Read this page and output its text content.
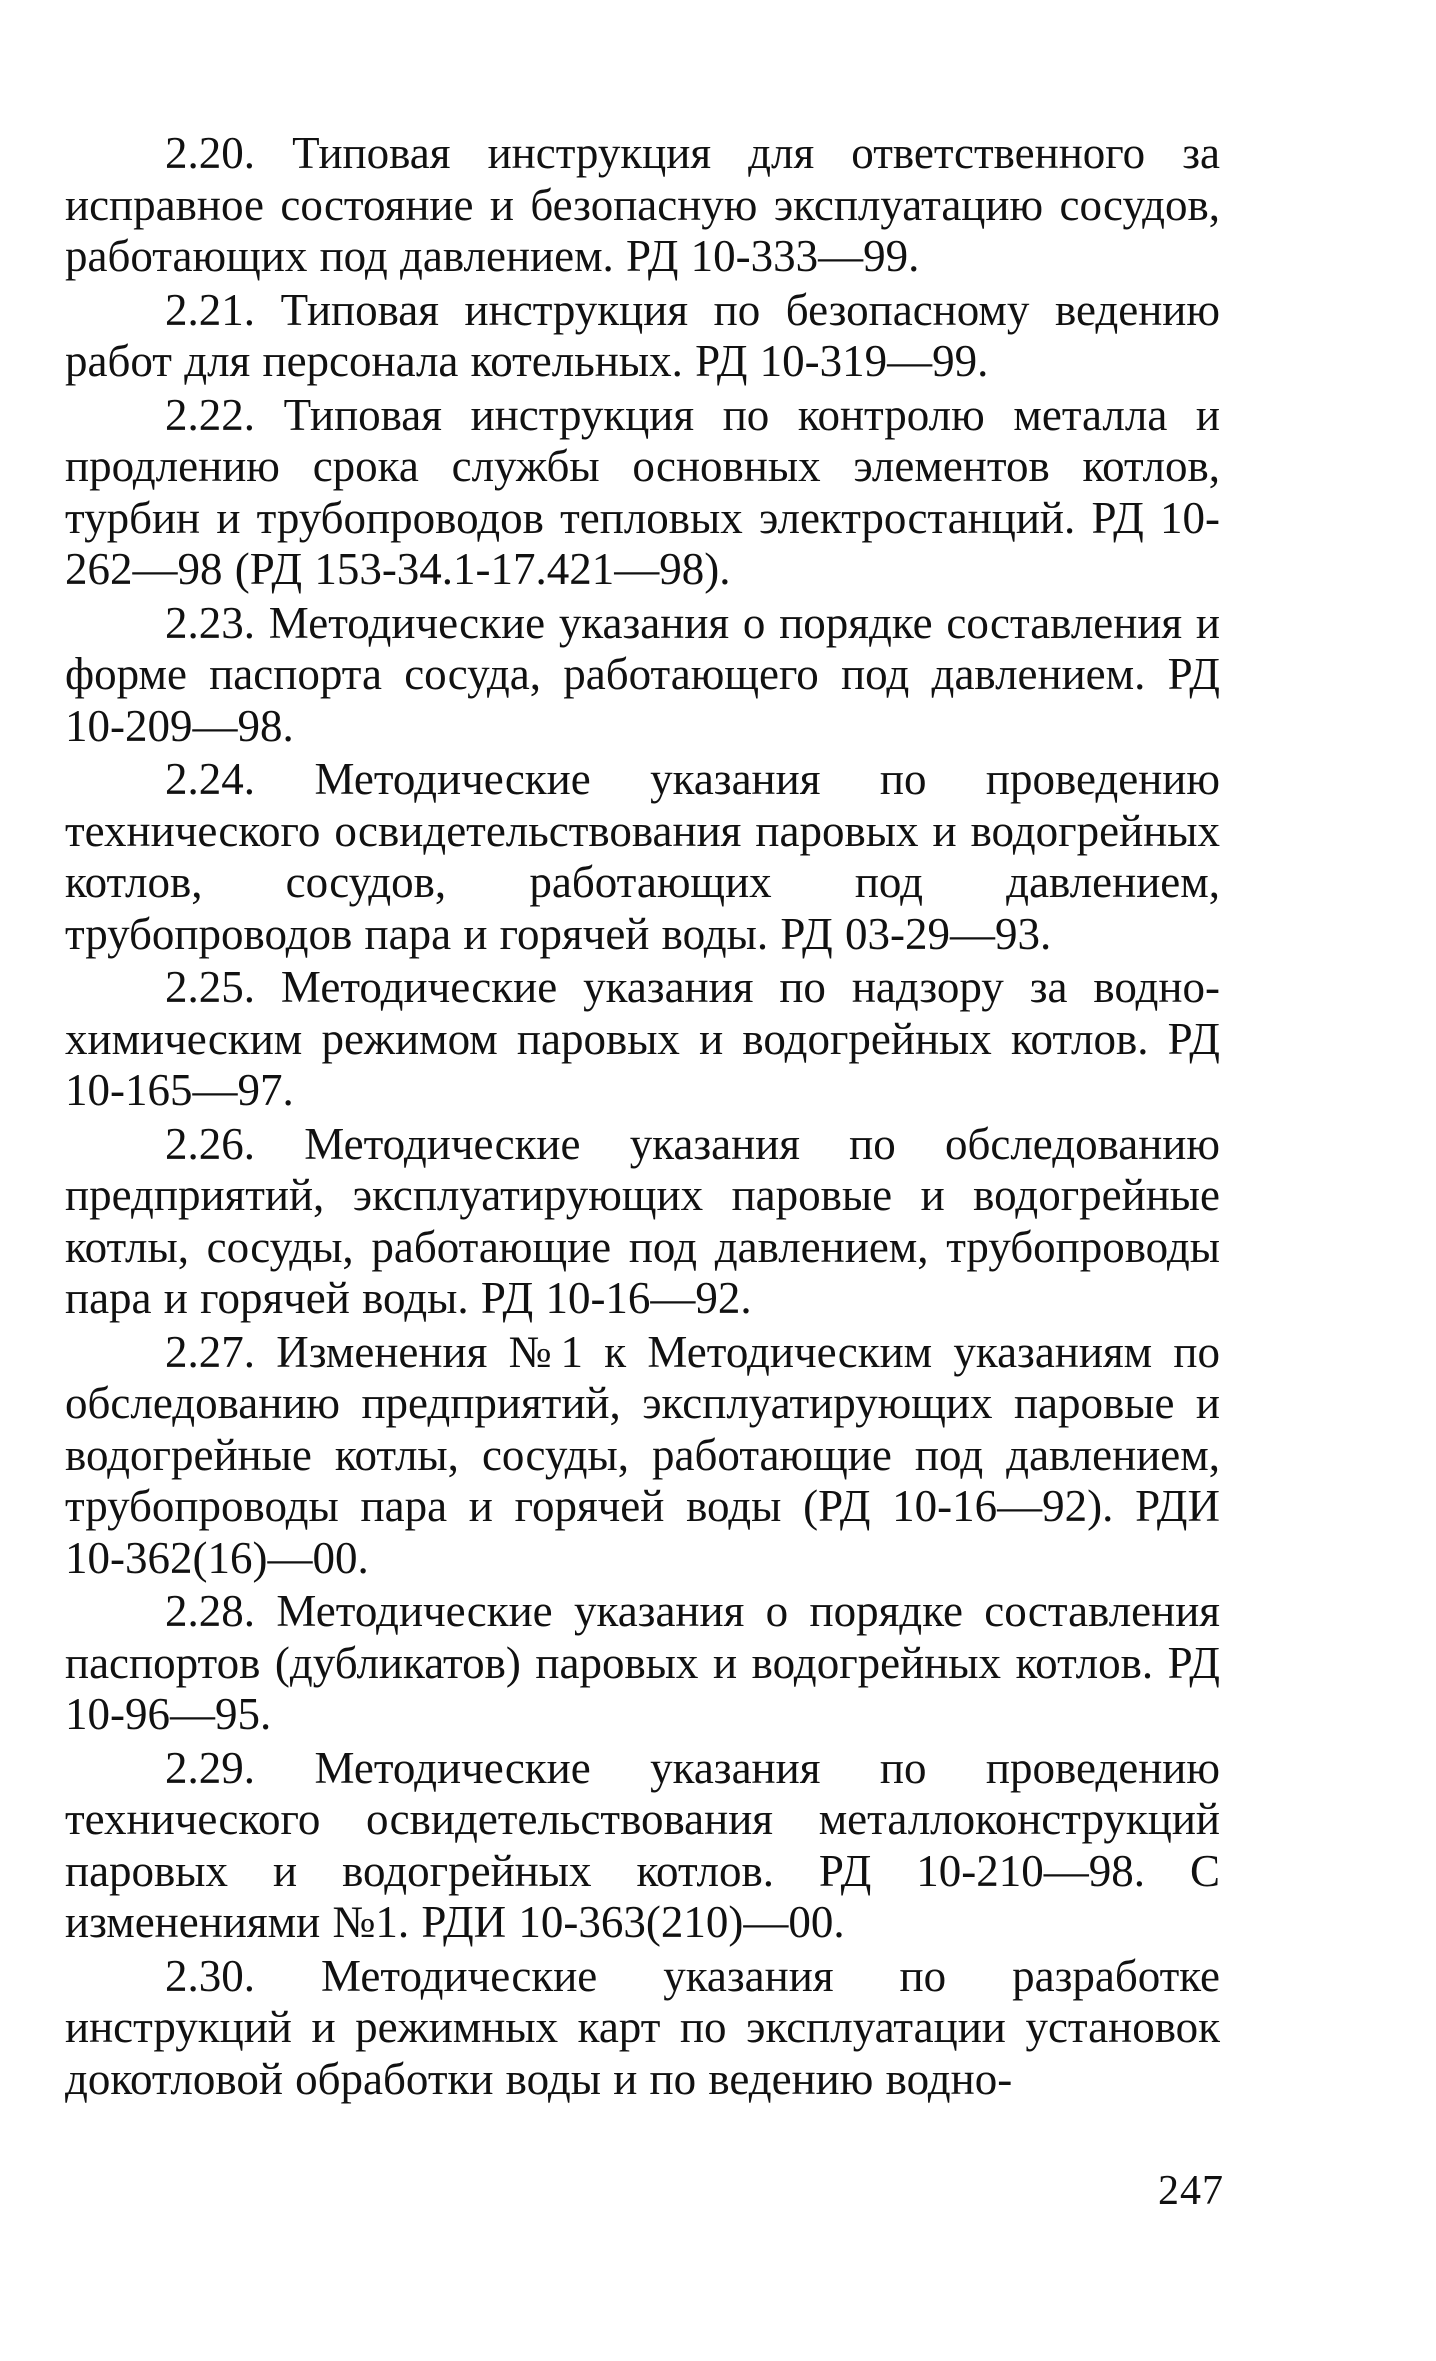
2.20. Типовая инструкция для ответственного за исправное состояние и безопасную эксплуатацию сосудов, работающих под давлением. РД 10-333—99.

2.21. Типовая инструкция по безопасному ведению работ для персонала котельных. РД 10-319—99.

2.22. Типовая инструкция по контролю металла и продлению срока службы основных элементов котлов, турбин и трубопроводов тепловых электростанций. РД 10-262—98 (РД 153-34.1-17.421—98).

2.23. Методические указания о порядке составления и форме паспорта сосуда, работающего под давлением. РД 10-209—98.

2.24. Методические указания по проведению технического освидетельствования паровых и водогрейных котлов, сосудов, работающих под давлением, трубопроводов пара и горячей воды. РД 03-29—93.

2.25. Методические указания по надзору за водно-химическим режимом паровых и водогрейных котлов. РД 10-165—97.

2.26. Методические указания по обследованию предприятий, эксплуатирующих паровые и водогрейные котлы, сосуды, работающие под давлением, трубопроводы пара и горячей воды. РД 10-16—92.

2.27. Изменения №1 к Методическим указаниям по обследованию предприятий, эксплуатирующих паровые и водогрейные котлы, сосуды, работающие под давлением, трубопроводы пара и горячей воды (РД 10-16—92). РДИ 10-362(16)—00.

2.28. Методические указания о порядке составления паспортов (дубликатов) паровых и водогрейных котлов. РД 10-96—95.

2.29. Методические указания по проведению технического освидетельствования металлоконструкций паровых и водогрейных котлов. РД 10-210—98. С изменениями №1. РДИ 10-363(210)—00.

2.30. Методические указания по разработке инструкций и режимных карт по эксплуатации установок докотловой обработки воды и по ведению водно-

247
